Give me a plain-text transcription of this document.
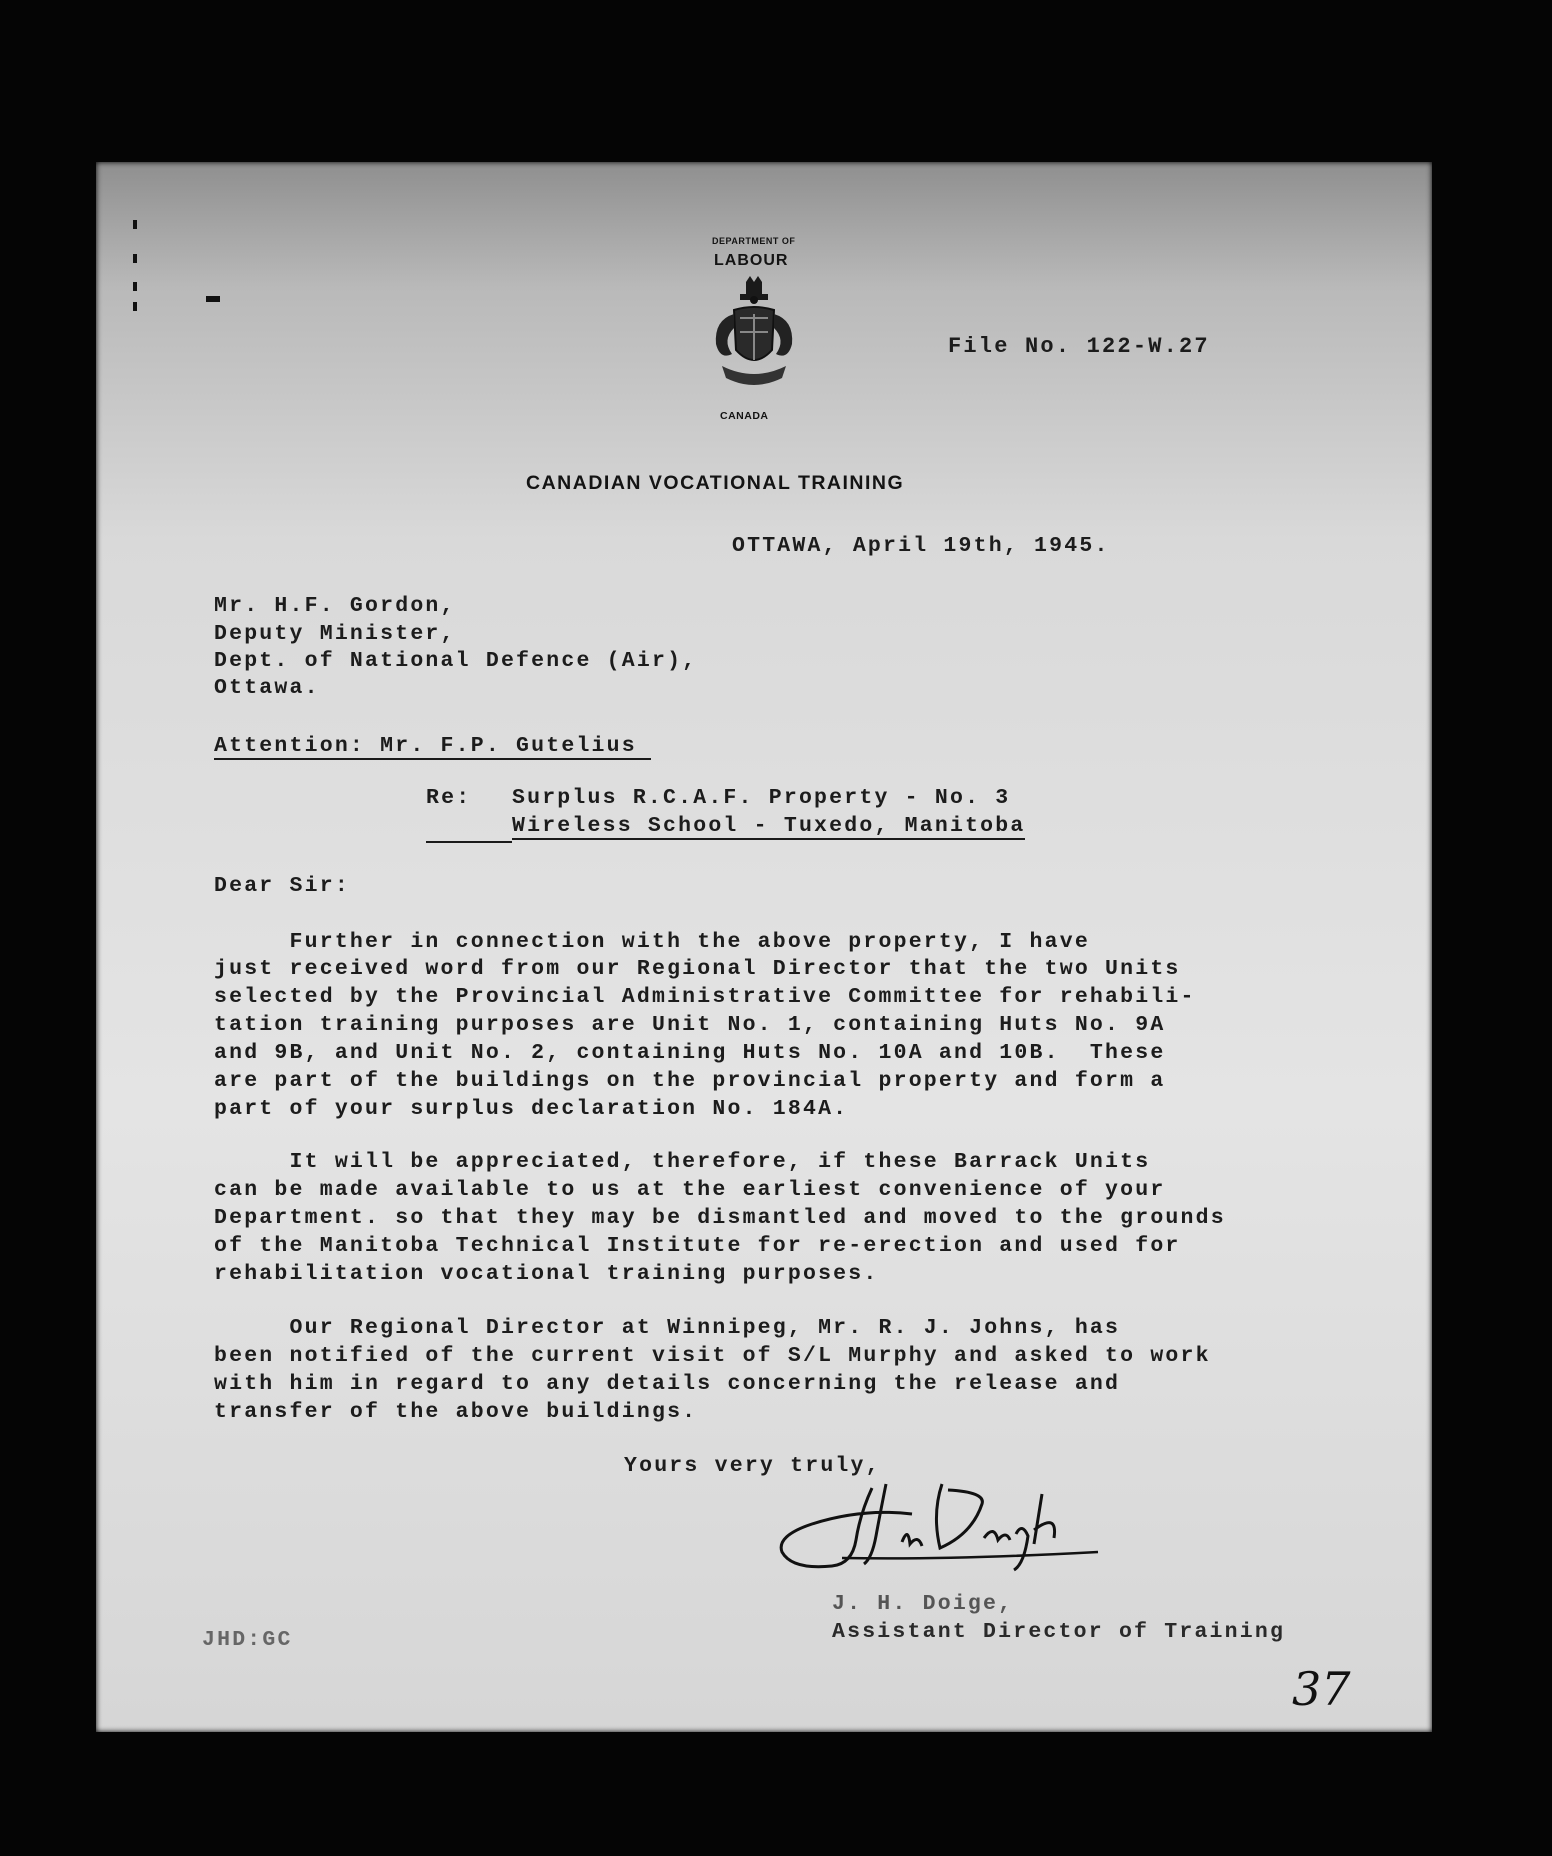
DEPARTMENT OF
LABOUR
CANADA
File No. 122-W.27
CANADIAN VOCATIONAL TRAINING
OTTAWA, April 19th, 1945.
Mr. H.F. Gordon,
Deputy Minister,
Dept. of National Defence (Air),
Ottawa.
Attention: Mr. F.P. Gutelius
Re: Surplus R.C.A.F. Property - No. 3
Wireless School - Tuxedo, Manitoba
Dear Sir:
Further in connection with the above property, I have
just received word from our Regional Director that the two Units
selected by the Provincial Administrative Committee for rehabili-
tation training purposes are Unit No. 1, containing Huts No. 9A
and 9B, and Unit No. 2, containing Huts No. 10A and 10B.  These
are part of the buildings on the provincial property and form a
part of your surplus declaration No. 184A.
It will be appreciated, therefore, if these Barrack Units
can be made available to us at the earliest convenience of your
Department. so that they may be dismantled and moved to the grounds
of the Manitoba Technical Institute for re-erection and used for
rehabilitation vocational training purposes.
Our Regional Director at Winnipeg, Mr. R. J. Johns, has
been notified of the current visit of S/L Murphy and asked to work
with him in regard to any details concerning the release and
transfer of the above buildings.
Yours very truly,
J. H. Doige,
Assistant Director of Training
JHD:GC
37
